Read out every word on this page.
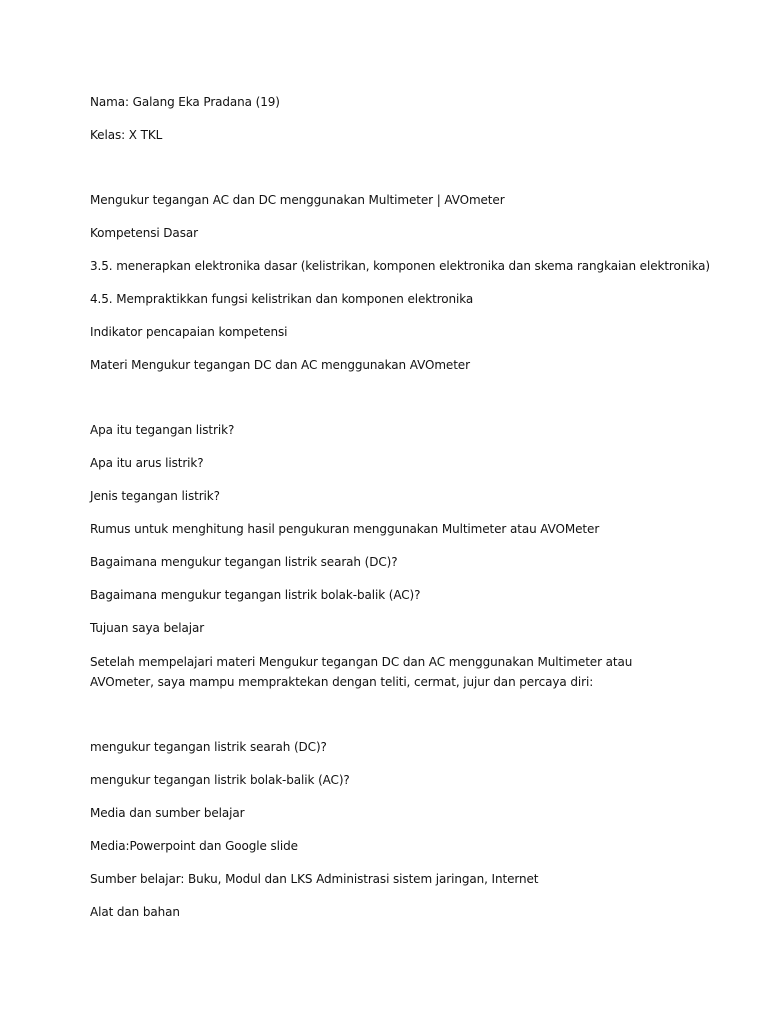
Nama: Galang Eka Pradana (19)
Kelas: X TKL
Mengukur tegangan AC dan DC menggunakan Multimeter | AVOmeter
Kompetensi Dasar
3.5. menerapkan elektronika dasar (kelistrikan, komponen elektronika dan skema rangkaian elektronika)
4.5. Mempraktikkan fungsi kelistrikan dan komponen elektronika
Indikator pencapaian kompetensi
Materi Mengukur tegangan DC dan AC menggunakan AVOmeter
Apa itu tegangan listrik?
Apa itu arus listrik?
Jenis tegangan listrik?
Rumus untuk menghitung hasil pengukuran menggunakan Multimeter atau AVOMeter
Bagaimana mengukur tegangan listrik searah (DC)?
Bagaimana mengukur tegangan listrik bolak-balik (AC)?
Tujuan saya belajar
Setelah mempelajari materi Mengukur tegangan DC dan AC menggunakan Multimeter atau AVOmeter, saya mampu mempraktekan dengan teliti, cermat, jujur dan percaya diri:
mengukur tegangan listrik searah (DC)?
mengukur tegangan listrik bolak-balik (AC)?
Media dan sumber belajar
Media:Powerpoint dan Google slide
Sumber belajar: Buku, Modul dan LKS Administrasi sistem jaringan, Internet
Alat dan bahan
